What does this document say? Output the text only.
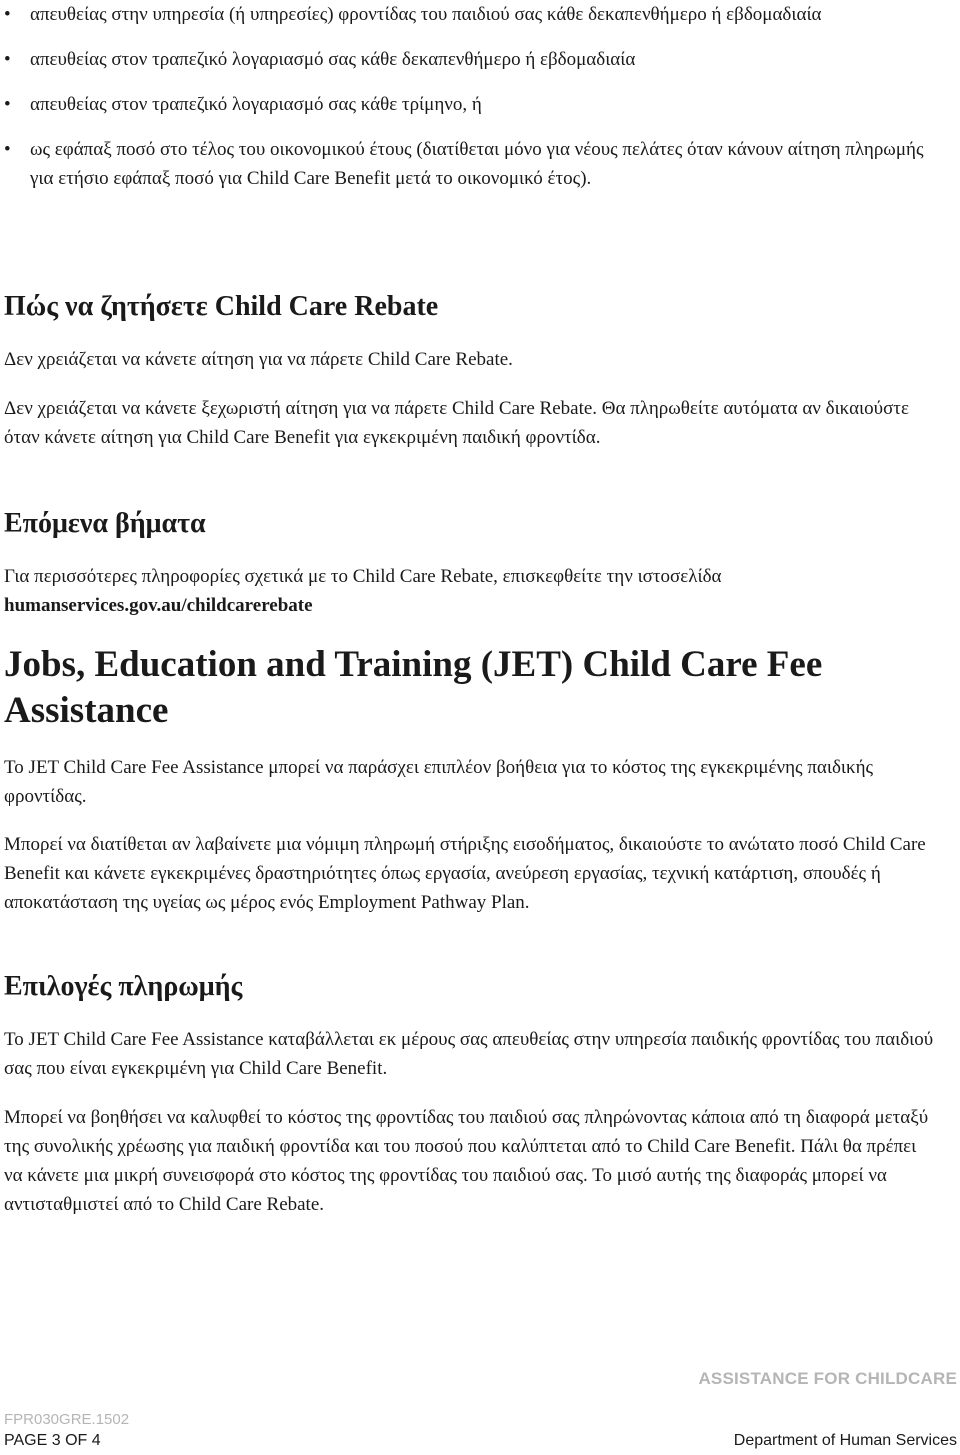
• απευθείας στην υπηρεσία (ή υπηρεσίες) φροντίδας του παιδιού σας κάθε δεκαπενθήμερο ή εβδομαδιαία
• απευθείας στον τραπεζικό λογαριασμό σας κάθε δεκαπενθήμερο ή εβδομαδιαία
• απευθείας στον τραπεζικό λογαριασμό σας κάθε τρίμηνο, ή
• ως εφάπαξ ποσό στο τέλος του οικονομικού έτους (διατίθεται μόνο για νέους πελάτες όταν κάνουν αίτηση πληρωμής για ετήσιο εφάπαξ ποσό για Child Care Benefit μετά το οικονομικό έτος).
Πώς να ζητήσετε Child Care Rebate

Δεν χρειάζεται να κάνετε αίτηση για να πάρετε Child Care Rebate.

Δεν χρειάζεται να κάνετε ξεχωριστή αίτηση για να πάρετε Child Care Rebate. Θα πληρωθείτε αυτόματα αν δικαιούστε όταν κάνετε αίτηση για Child Care Benefit για εγκεκριμένη παιδική φροντίδα.

Επόμενα βήματα

Για περισσότερες πληροφορίες σχετικά με το Child Care Rebate, επισκεφθείτε την ιστοσελίδα humanservices.gov.au/childcarerebate

Jobs, Education and Training (JET) Child Care Fee Assistance

Το JET Child Care Fee Assistance μπορεί να παράσχει επιπλέον βοήθεια για το κόστος της εγκεκριμένης παιδικής φροντίδας.

Μπορεί να διατίθεται αν λαβαίνετε μια νόμιμη πληρωμή στήριξης εισοδήματος, δικαιούστε το ανώτατο ποσό Child Care Benefit και κάνετε εγκεκριμένες δραστηριότητες όπως εργασία, ανεύρεση εργασίας, τεχνική κατάρτιση, σπουδές ή αποκατάσταση της υγείας ως μέρος ενός Employment Pathway Plan.

Επιλογές πληρωμής

Το JET Child Care Fee Assistance καταβάλλεται εκ μέρους σας απευθείας στην υπηρεσία παιδικής φροντίδας του παιδιού σας που είναι εγκεκριμένη για Child Care Benefit.

Μπορεί να βοηθήσει να καλυφθεί το κόστος της φροντίδας του παιδιού σας πληρώνοντας κάποια από τη διαφορά μεταξύ της συνολικής χρέωσης για παιδική φροντίδα και του ποσού που καλύπτεται από το Child Care Benefit. Πάλι θα πρέπει να κάνετε μια μικρή συνεισφορά στο κόστος της φροντίδας του παιδιού σας. Το μισό αυτής της διαφοράς μπορεί να αντισταθμιστεί από το Child Care Rebate.

ASSISTANCE FOR CHILDCARE
FPR030GRE.1502
PAGE 3 OF 4	Department of Human Services
